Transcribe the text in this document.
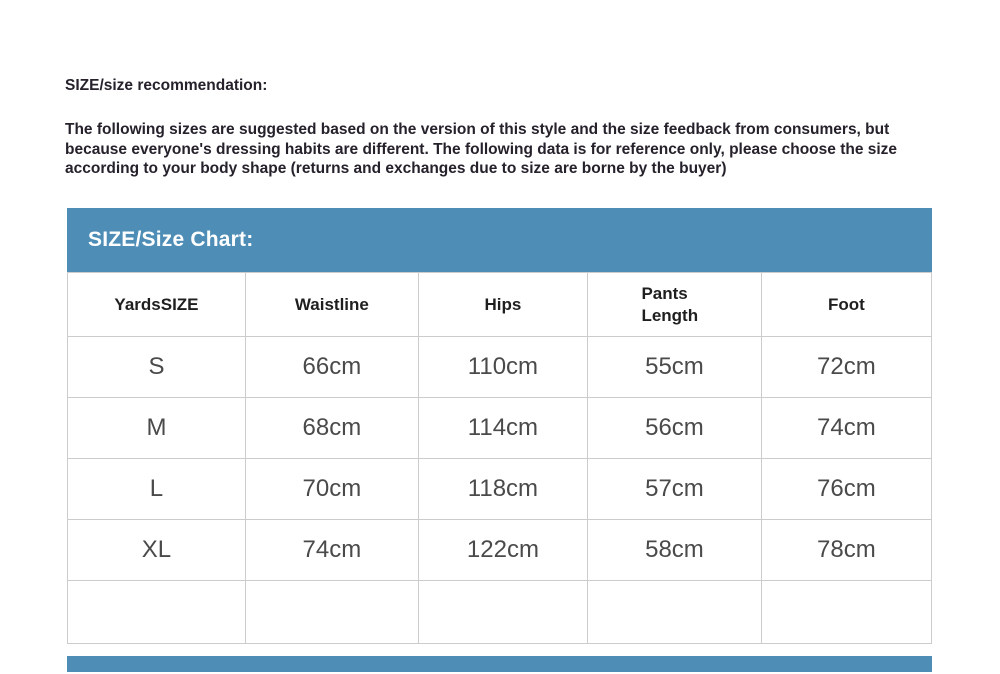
SIZE/size recommendation:

The following sizes are suggested based on the version of this style and the size feedback from consumers, but because everyone's dressing habits are different. The following data is for reference only, please choose the size according to your body shape (returns and exchanges due to size are borne by the buyer)

SIZE/Size Chart:
YardsSIZE	Waistline	Hips	Pants Length	Foot
S	66cm	110cm	55cm	72cm
M	68cm	114cm	56cm	74cm
L	70cm	118cm	57cm	76cm
XL	74cm	122cm	58cm	78cm
